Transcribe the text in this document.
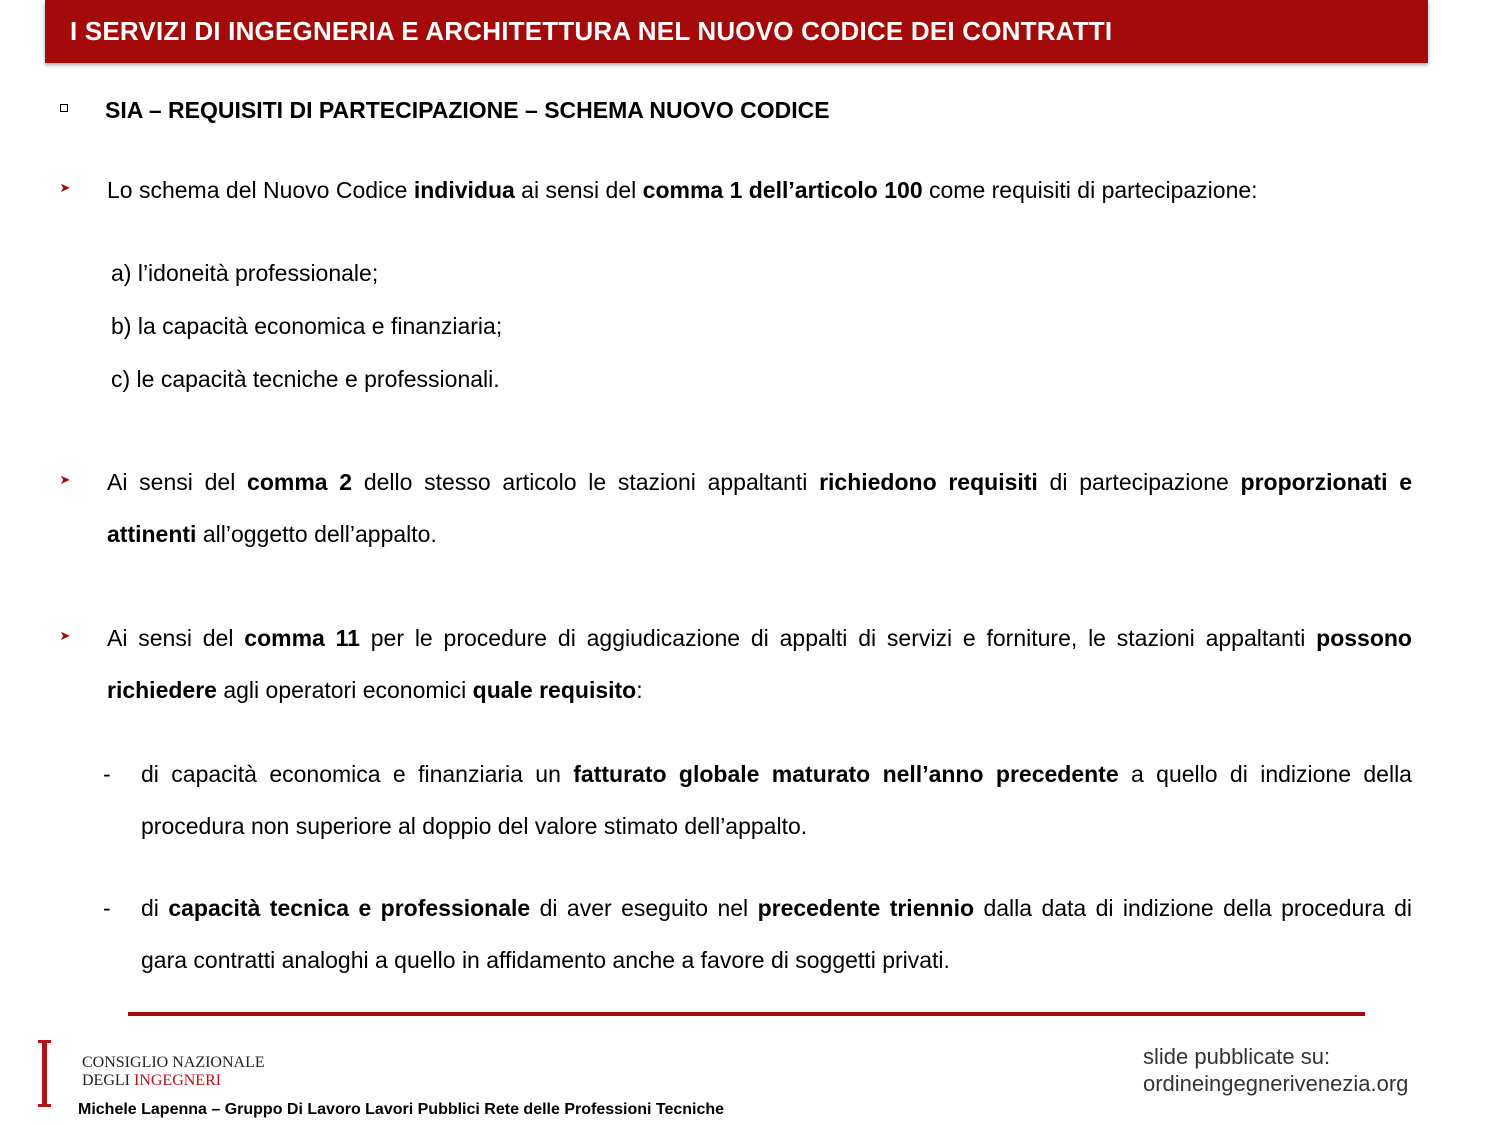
I SERVIZI DI INGEGNERIA E ARCHITETTURA NEL NUOVO CODICE DEI CONTRATTI
SIA – REQUISITI DI PARTECIPAZIONE – SCHEMA NUOVO CODICE
➤ Lo schema del Nuovo Codice individua ai sensi del comma 1 dell’articolo 100 come requisiti di partecipazione:
a) l’idoneità professionale;
b) la capacità economica e finanziaria;
c) le capacità tecniche e professionali.
➤ Ai sensi del comma 2 dello stesso articolo le stazioni appaltanti richiedono requisiti di partecipazione proporzionati e attinenti all’oggetto dell’appalto.
➤ Ai sensi del comma 11 per le procedure di aggiudicazione di appalti di servizi e forniture, le stazioni appaltanti possono richiedere agli operatori economici quale requisito:
- di capacità economica e finanziaria un fatturato globale maturato nell’anno precedente a quello di indizione della procedura non superiore al doppio del valore stimato dell’appalto.
- di capacità tecnica e professionale di aver eseguito nel precedente triennio dalla data di indizione della procedura di gara contratti analoghi a quello in affidamento anche a favore di soggetti privati.
CONSIGLIO NAZIONALE
DEGLI INGEGNERI
Michele Lapenna – Gruppo Di Lavoro Lavori Pubblici Rete delle Professioni Tecniche
slide pubblicate su:
ordineingegnerivenezia.org
